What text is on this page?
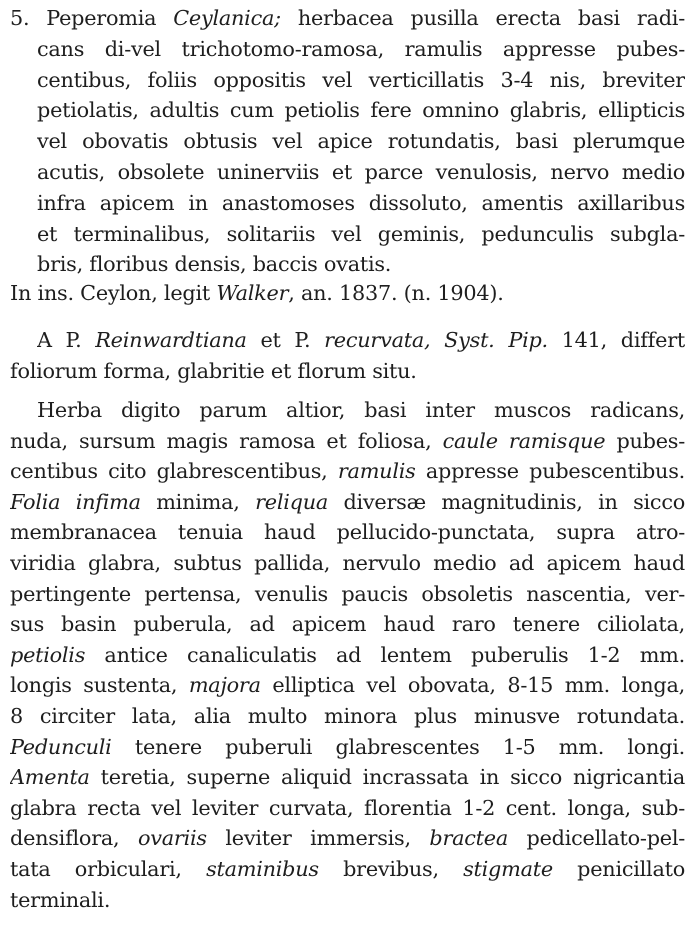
5. Peperomia Ceylanica; herbacea pusilla erecta basi radi-
cans di-vel trichotomo-ramosa, ramulis appresse pubes-
centibus, foliis oppositis vel verticillatis 3-4 nis, breviter
petiolatis, adultis cum petiolis fere omnino glabris, ellipticis
vel obovatis obtusis vel apice rotundatis, basi plerumque
acutis, obsolete uninerviis et parce venulosis, nervo medio
infra apicem in anastomoses dissoluto, amentis axillaribus
et terminalibus, solitariis vel geminis, pedunculis subgla-
bris, floribus densis, baccis ovatis.
In ins. Ceylon, legit Walker, an. 1837. (n. 1904).
A P. Reinwardtiana et P. recurvata, Syst. Pip. 141, differt
foliorum forma, glabritie et florum situ.
Herba digito parum altior, basi inter muscos radicans,
nuda, sursum magis ramosa et foliosa, caule ramisque pubes-
centibus cito glabrescentibus, ramulis appresse pubescentibus.
Folia infima minima, reliqua diversæ magnitudinis, in sicco
membranacea tenuia haud pellucido-punctata, supra atro-
viridia glabra, subtus pallida, nervulo medio ad apicem haud
pertingente pertensa, venulis paucis obsoletis nascentia, ver-
sus basin puberula, ad apicem haud raro tenere ciliolata,
petiolis antice canaliculatis ad lentem puberulis 1-2 mm.
longis sustenta, majora elliptica vel obovata, 8-15 mm. longa,
8 circiter lata, alia multo minora plus minusve rotundata.
Pedunculi tenere puberuli glabrescentes 1-5 mm. longi.
Amenta teretia, superne aliquid incrassata in sicco nigricantia
glabra recta vel leviter curvata, florentia 1-2 cent. longa, sub-
densiflora, ovariis leviter immersis, bractea pedicellato-pel-
tata orbiculari, staminibus brevibus, stigmate penicillato
terminali.
